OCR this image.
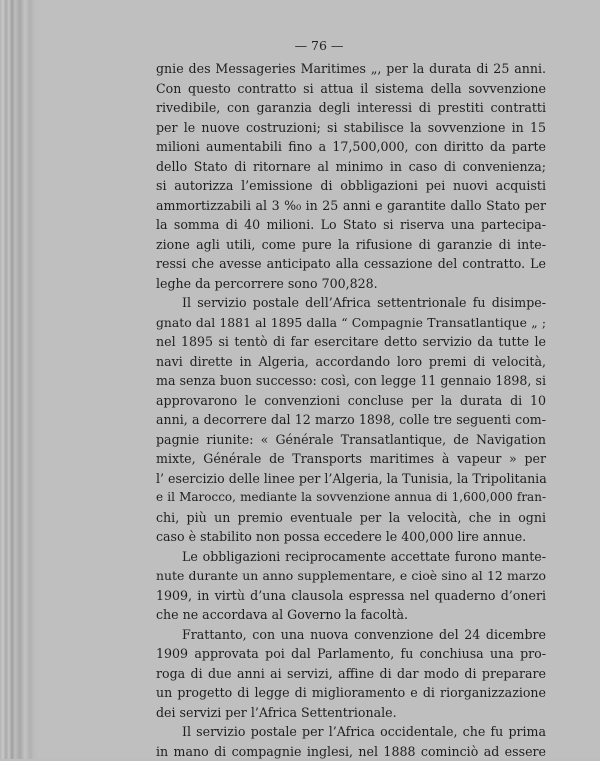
— 76 —
gnie des Messageries Maritimes „, per la durata di 25 anni.
Con questo contratto si attua il sistema della sovvenzione
rivedibile, con garanzia degli interessi di prestiti contratti
per le nuove costruzioni; si stabilisce la sovvenzione in 15
milioni aumentabili fino a 17,500,000, con diritto da parte
dello Stato di ritornare al minimo in caso di convenienza;
si autorizza l’emissione di obbligazioni pei nuovi acquisti
ammortizzabili al 3 %₀ in 25 anni e garantite dallo Stato per
la somma di 40 milioni. Lo Stato si riserva una partecipa-
zione agli utili, come pure la rifusione di garanzie di inte-
ressi che avesse anticipato alla cessazione del contratto. Le
leghe da percorrere sono 700,828.
Il servizio postale dell’Africa settentrionale fu disimpe-
gnato dal 1881 al 1895 dalla “ Compagnie Transatlantique „ ;
nel 1895 si tentò di far esercitare detto servizio da tutte le
navi dirette in Algeria, accordando loro premi di velocità,
ma senza buon successo: così, con legge 11 gennaio 1898, si
approvarono le convenzioni concluse per la durata di 10
anni, a decorrere dal 12 marzo 1898, colle tre seguenti com-
pagnie riunite: « Générale Transatlantique, de Navigation
mixte, Générale de Transports maritimes à vapeur » per
l’ esercizio delle linee per l’Algeria, la Tunisia, la Tripolitania
e il Marocco, mediante la sovvenzione annua di 1,600,000 fran-
chi, più un premio eventuale per la velocità, che in ogni
caso è stabilito non possa eccedere le 400,000 lire annue.
Le obbligazioni reciprocamente accettate furono mante-
nute durante un anno supplementare, e cioè sino al 12 marzo
1909, in virtù d’una clausola espressa nel quaderno d’oneri
che ne accordava al Governo la facoltà.
Frattanto, con una nuova convenzione del 24 dicembre
1909 approvata poi dal Parlamento, fu conchiusa una pro-
roga di due anni ai servizi, affine di dar modo di preparare
un progetto di legge di miglioramento e di riorganizzazione
dei servizi per l’Africa Settentrionale.
Il servizio postale per l’Africa occidentale, che fu prima
in mano di compagnie inglesi, nel 1888 cominciò ad essere
